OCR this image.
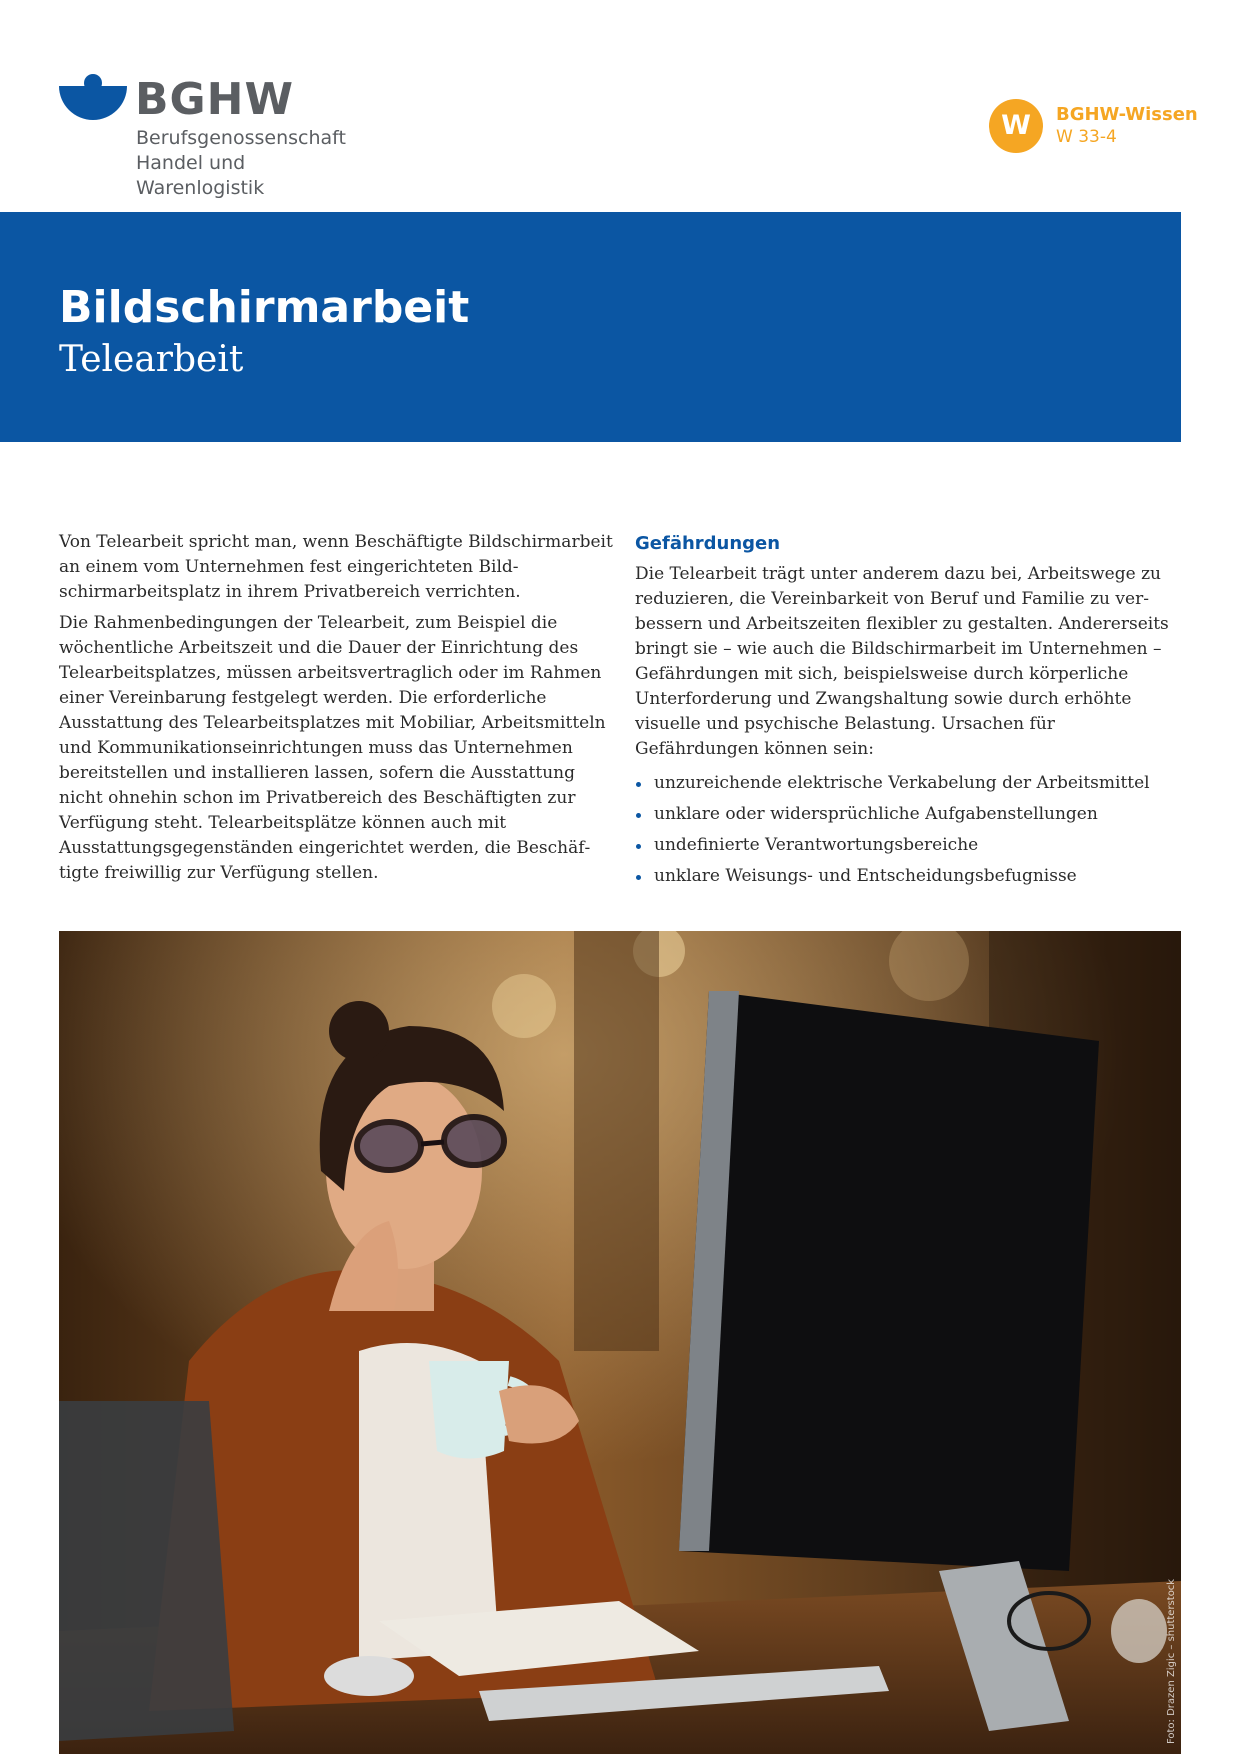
BGHW
Berufsgenossenschaft
Handel und Warenlogistik
W	BGHW-Wissen
W 33-4
Bildschirmarbeit
Telearbeit

Von Telearbeit spricht man, wenn Beschäftigte Bildschirmarbeit an einem vom Unternehmen fest eingerichteten Bildschirmarbeitsplatz in ihrem Privatbereich verrichten.

Die Rahmenbedingungen der Telearbeit, zum Beispiel die wöchentliche Arbeitszeit und die Dauer der Einrichtung des Telearbeitsplatzes, müssen arbeitsvertraglich oder im Rahmen einer Vereinbarung festgelegt werden. Die erforderliche Ausstattung des Telearbeitsplatzes mit Mobiliar, Arbeitsmitteln und Kommunikationseinrichtungen muss das Unternehmen bereitstellen und installieren lassen, sofern die Ausstattung nicht ohnehin schon im Privatbereich des Beschäftigten zur Verfügung steht. Telearbeitsplätze können auch mit Ausstattungsgegenständen eingerichtet werden, die Beschäftigte freiwillig zur Verfügung stellen.

Gefährdungen

Die Telearbeit trägt unter anderem dazu bei, Arbeitswege zu reduzieren, die Vereinbarkeit von Beruf und Familie zu verbessern und Arbeitszeiten flexibler zu gestalten. Andererseits bringt sie – wie auch die Bildschirmarbeit im Unternehmen – Gefährdungen mit sich, beispielsweise durch körperliche Unterforderung und Zwangshaltung sowie durch erhöhte visuelle und psychische Belastung. Ursachen für Gefährdungen können sein:

unzureichende elektrische Verkabelung der Arbeitsmittel
unklare oder widersprüchliche Aufgabenstellungen
undefinierte Verantwortungsbereiche
unklare Weisungs- und Entscheidungsbefugnisse
Foto: Drazen Zigic – shutterstock
